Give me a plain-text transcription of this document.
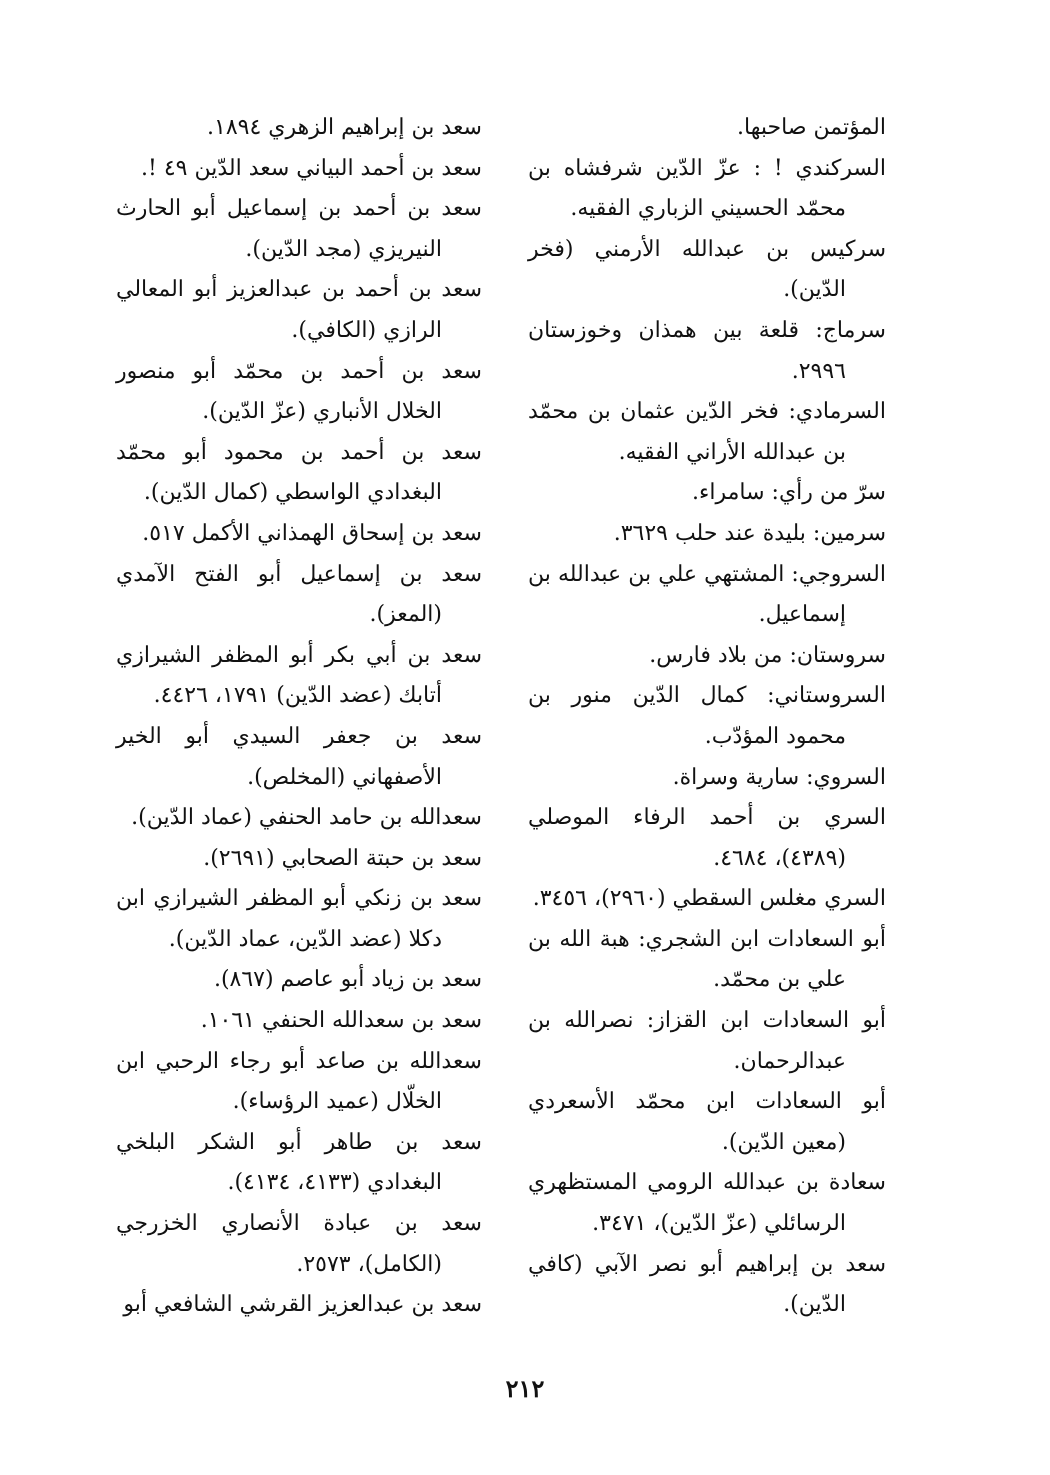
المؤتمن صاحبها.

السركندي ! : عزّ الدّين شرفشاه بن محمّد الحسيني الزباري الفقيه.

سركيس بن عبدالله الأرمني (فخر الدّين).

سرماج: قلعة بين همذان وخوزستان ٢٩٩٦.

السرمادي: فخر الدّين عثمان بن محمّد بن عبدالله الأراني الفقيه.

سرّ من رأي: سامراء.

سرمين: بليدة عند حلب ٣٦٢٩.

السروجي: المشتهي علي بن عبدالله بن إسماعيل.

سروستان: من بلاد فارس.

السروستاني: كمال الدّين منور بن محمود المؤدّب.

السروي: سارية وسراة.

السري بن أحمد الرفاء الموصلي (٤٣٨٩)، ٤٦٨٤.

السري مغلس السقطي (٢٩٦٠)، ٣٤٥٦.

أبو السعادات ابن الشجري: هبة الله بن علي بن محمّد.

أبو السعادات ابن القزاز: نصرالله بن عبدالرحمان.

أبو السعادات ابن محمّد الأسعردي (معين الدّين).

سعادة بن عبدالله الرومي المستظهري الرسائلي (عزّ الدّين)، ٣٤٧١.

سعد بن إبراهيم أبو نصر الآبي (كافي الدّين).

سعد بن إبراهيم الزهري ١٨٩٤.

سعد بن أحمد البياني سعد الدّين ٤٩ !.

سعد بن أحمد بن إسماعيل أبو الحارث النيريزي (مجد الدّين).

سعد بن أحمد بن عبدالعزيز أبو المعالي الرازي (الكافي).

سعد بن أحمد بن محمّد أبو منصور الخلال الأنباري (عزّ الدّين).

سعد بن أحمد بن محمود أبو محمّد البغدادي الواسطي (كمال الدّين).

سعد بن إسحاق الهمذاني الأكمل ٥١٧.

سعد بن إسماعيل أبو الفتح الآمدي (المعز).

سعد بن أبي بكر أبو المظفر الشيرازي أتابك (عضد الدّين) ١٧٩١، ٤٤٢٦.

سعد بن جعفر السيدي أبو الخير الأصفهاني (المخلص).

سعدالله بن حامد الحنفي (عماد الدّين).

سعد بن حبتة الصحابي (٢٦٩١).

سعد بن زنكي أبو المظفر الشيرازي ابن دكلا (عضد الدّين، عماد الدّين).

سعد بن زياد أبو عاصم (٨٦٧).

سعد بن سعدالله الحنفي ١٠٦١.

سعدالله بن صاعد أبو رجاء الرحبي ابن الخلّال (عميد الرؤساء).

سعد بن طاهر أبو الشكر البلخي البغدادي (٤١٣٣، ٤١٣٤).

سعد بن عبادة الأنصاري الخزرجي (الكامل)، ٢٥٧٣.

سعد بن عبدالعزيز القرشي الشافعي أبو

٢١٢
